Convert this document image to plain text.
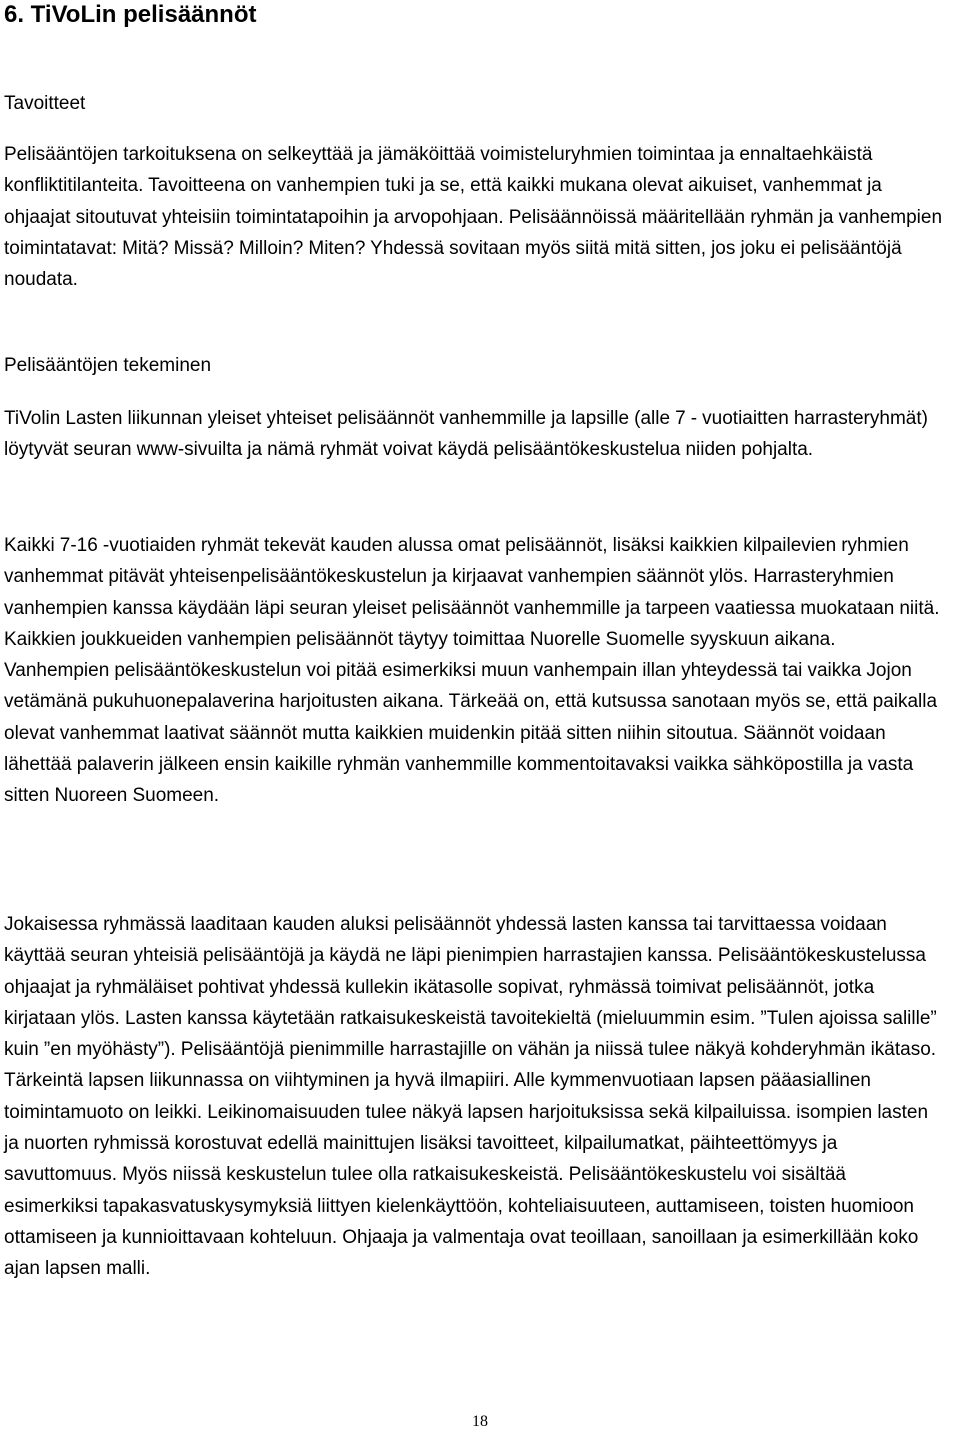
6. TiVoLin pelisäännöt

Tavoitteet

Pelisääntöjen tarkoituksena on selkeyttää ja jämäköittää voimisteluryhmien toimintaa ja ennaltaehkäistä konfliktitilanteita. Tavoitteena on vanhempien tuki ja se, että kaikki mukana olevat aikuiset, vanhemmat ja ohjaajat sitoutuvat yhteisiin toimintatapoihin ja arvopohjaan. Pelisäännöissä määritellään ryhmän ja vanhempien toimintatavat: Mitä? Missä? Milloin? Miten? Yhdessä sovitaan myös siitä mitä sitten, jos joku ei pelisääntöjä noudata.

Pelisääntöjen tekeminen

TiVolin Lasten liikunnan yleiset yhteiset pelisäännöt vanhemmille ja lapsille (alle 7 - vuotiaitten harrasteryhmät) löytyvät seuran www-sivuilta ja nämä ryhmät voivat käydä pelisääntökeskustelua niiden pohjalta.

Kaikki 7-16 -vuotiaiden ryhmät tekevät kauden alussa omat pelisäännöt, lisäksi kaikkien kilpailevien ryhmien vanhemmat pitävät yhteisenpelisääntökeskustelun ja kirjaavat vanhempien säännöt ylös. Harrasteryhmien vanhempien kanssa käydään läpi seuran yleiset pelisäännöt vanhemmille ja tarpeen vaatiessa muokataan niitä. Kaikkien joukkueiden vanhempien pelisäännöt täytyy toimittaa Nuorelle Suomelle syyskuun aikana. Vanhempien pelisääntökeskustelun voi pitää esimerkiksi muun vanhempain illan yhteydessä tai vaikka Jojon vetämänä pukuhuonepalaverina harjoitusten aikana. Tärkeää on, että kutsussa sanotaan myös se, että paikalla olevat vanhemmat laativat säännöt mutta kaikkien muidenkin pitää sitten niihin sitoutua. Säännöt voidaan lähettää palaverin jälkeen ensin kaikille ryhmän vanhemmille kommentoitavaksi vaikka sähköpostilla ja vasta sitten Nuoreen Suomeen.

Jokaisessa ryhmässä laaditaan kauden aluksi pelisäännöt yhdessä lasten kanssa tai tarvittaessa voidaan käyttää seuran yhteisiä pelisääntöjä ja käydä ne läpi pienimpien harrastajien kanssa. Pelisääntökeskustelussa ohjaajat ja ryhmäläiset pohtivat yhdessä kullekin ikätasolle sopivat, ryhmässä toimivat pelisäännöt, jotka kirjataan ylös. Lasten kanssa käytetään ratkaisukeskeistä tavoitekieltä (mieluummin esim. ”Tulen ajoissa salille” kuin ”en myöhästy”). Pelisääntöjä pienimmille harrastajille on vähän ja niissä tulee näkyä kohderyhmän ikätaso. Tärkeintä lapsen liikunnassa on viihtyminen ja hyvä ilmapiiri. Alle kymmenvuotiaan lapsen pääasiallinen toimintamuoto on leikki. Leikinomaisuuden tulee näkyä lapsen harjoituksissa sekä kilpailuissa. isompien lasten ja nuorten ryhmissä korostuvat edellä mainittujen lisäksi tavoitteet, kilpailumatkat, päihteettömyys ja savuttomuus. Myös niissä keskustelun tulee olla ratkaisukeskeistä. Pelisääntökeskustelu voi sisältää esimerkiksi tapakasvatuskysymyksiä liittyen kielenkäyttöön, kohteliaisuuteen, auttamiseen, toisten huomioon ottamiseen ja kunnioittavaan kohteluun. Ohjaaja ja valmentaja ovat teoillaan, sanoillaan ja esimerkillään koko ajan lapsen malli.

18
